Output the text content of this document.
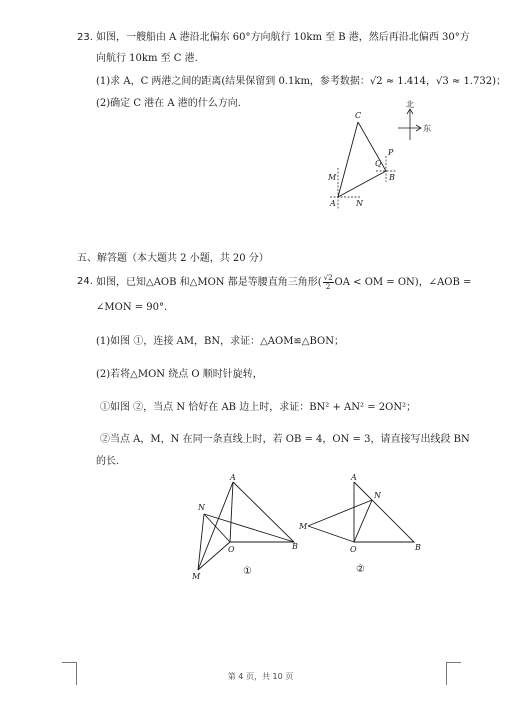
23. 如图，一艘船由 A 港沿北偏东 60°方向航行 10km 至 B 港，然后再沿北偏西 30°方
向航行 10km 至 C 港.
(1)求 A，C 两港之间的距离(结果保留到 0.1km，参考数据：√2 ≈ 1.414，√3 ≈ 1.732)；
(2)确定 C 港在 A 港的什么方向.	北
东
C
P
Q
B
M
A	N
五、解答题（本大题共 2 小题，共 20 分）
24. 如图，已知△AOB 和△MON 都是等腰直角三角形( $\frac{√2}{2}$ OA < OM = ON)，∠AOB =
∠MON = 90°.
(1)如图 ①，连接 AM，BN，求证：△AOM≌△BON；
(2)若将△MON 绕点 O 顺时针旋转，
①如图 ②，当点 N 恰好在 AB 边上时，求证：BN² + AN² = 2ON²；
②当点 A，M，N 在同一条直线上时，若 OB = 4，ON = 3，请直接写出线段 BN
的长.
A
N
O	B
M	①
A
N
M
O	B
②
第 4 页，共 10 页
